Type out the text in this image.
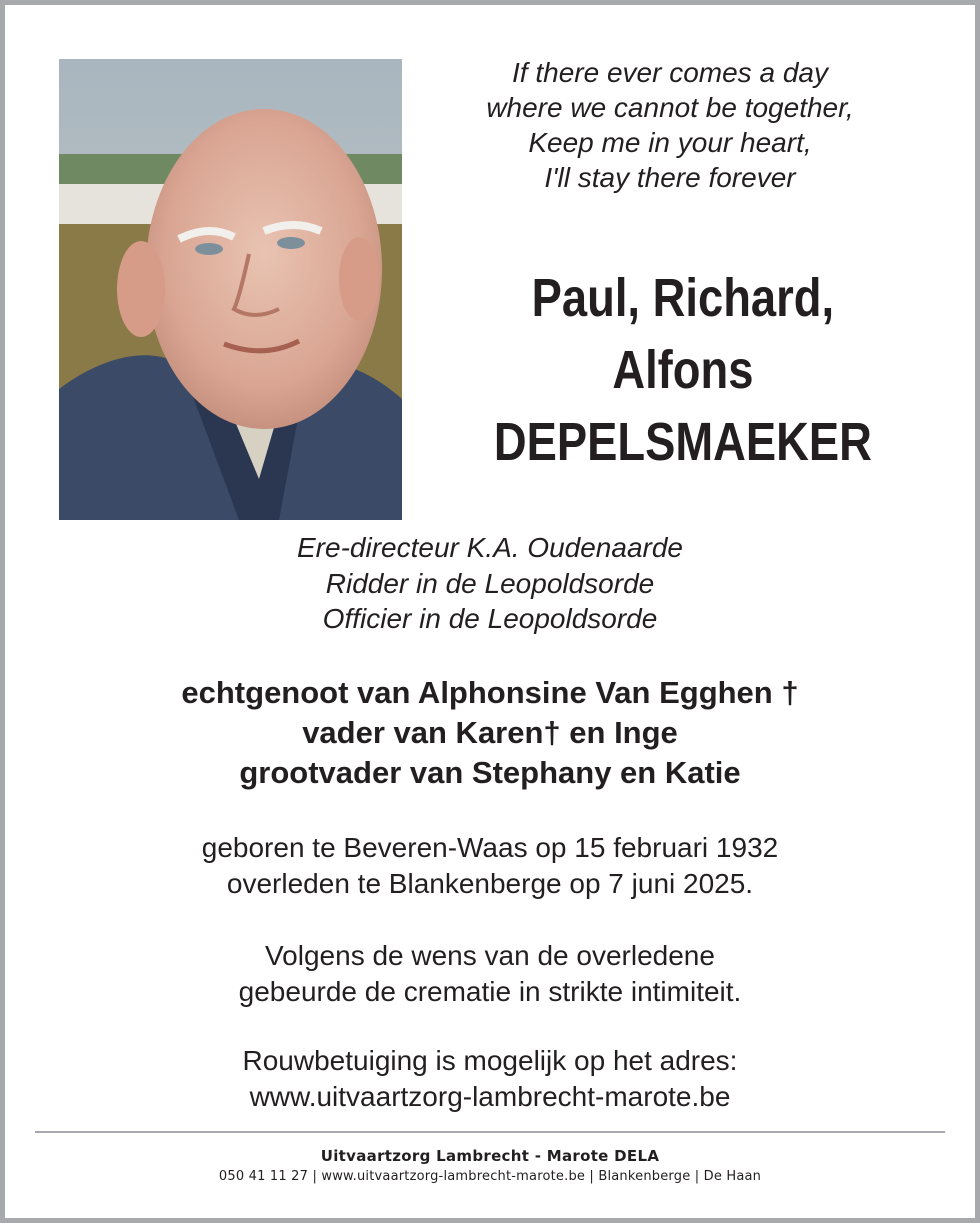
If there ever comes a day
where we cannot be together,
Keep me in your heart,
I'll stay there forever
Paul, Richard,
Alfons
DEPELSMAEKER
Ere-directeur K.A. Oudenaarde
Ridder in de Leopoldsorde
Officier in de Leopoldsorde
echtgenoot van Alphonsine Van Egghen †
vader van Karen† en Inge
grootvader van Stephany en Katie
geboren te Beveren-Waas op 15 februari 1932
overleden te Blankenberge op 7 juni 2025.
Volgens de wens van de overledene
gebeurde de crematie in strikte intimiteit.
Rouwbetuiging is mogelijk op het adres:
www.uitvaartzorg-lambrecht-marote.be
Uitvaartzorg Lambrecht - Marote DELA
050 41 11 27 | www.uitvaartzorg-lambrecht-marote.be | Blankenberge | De Haan
